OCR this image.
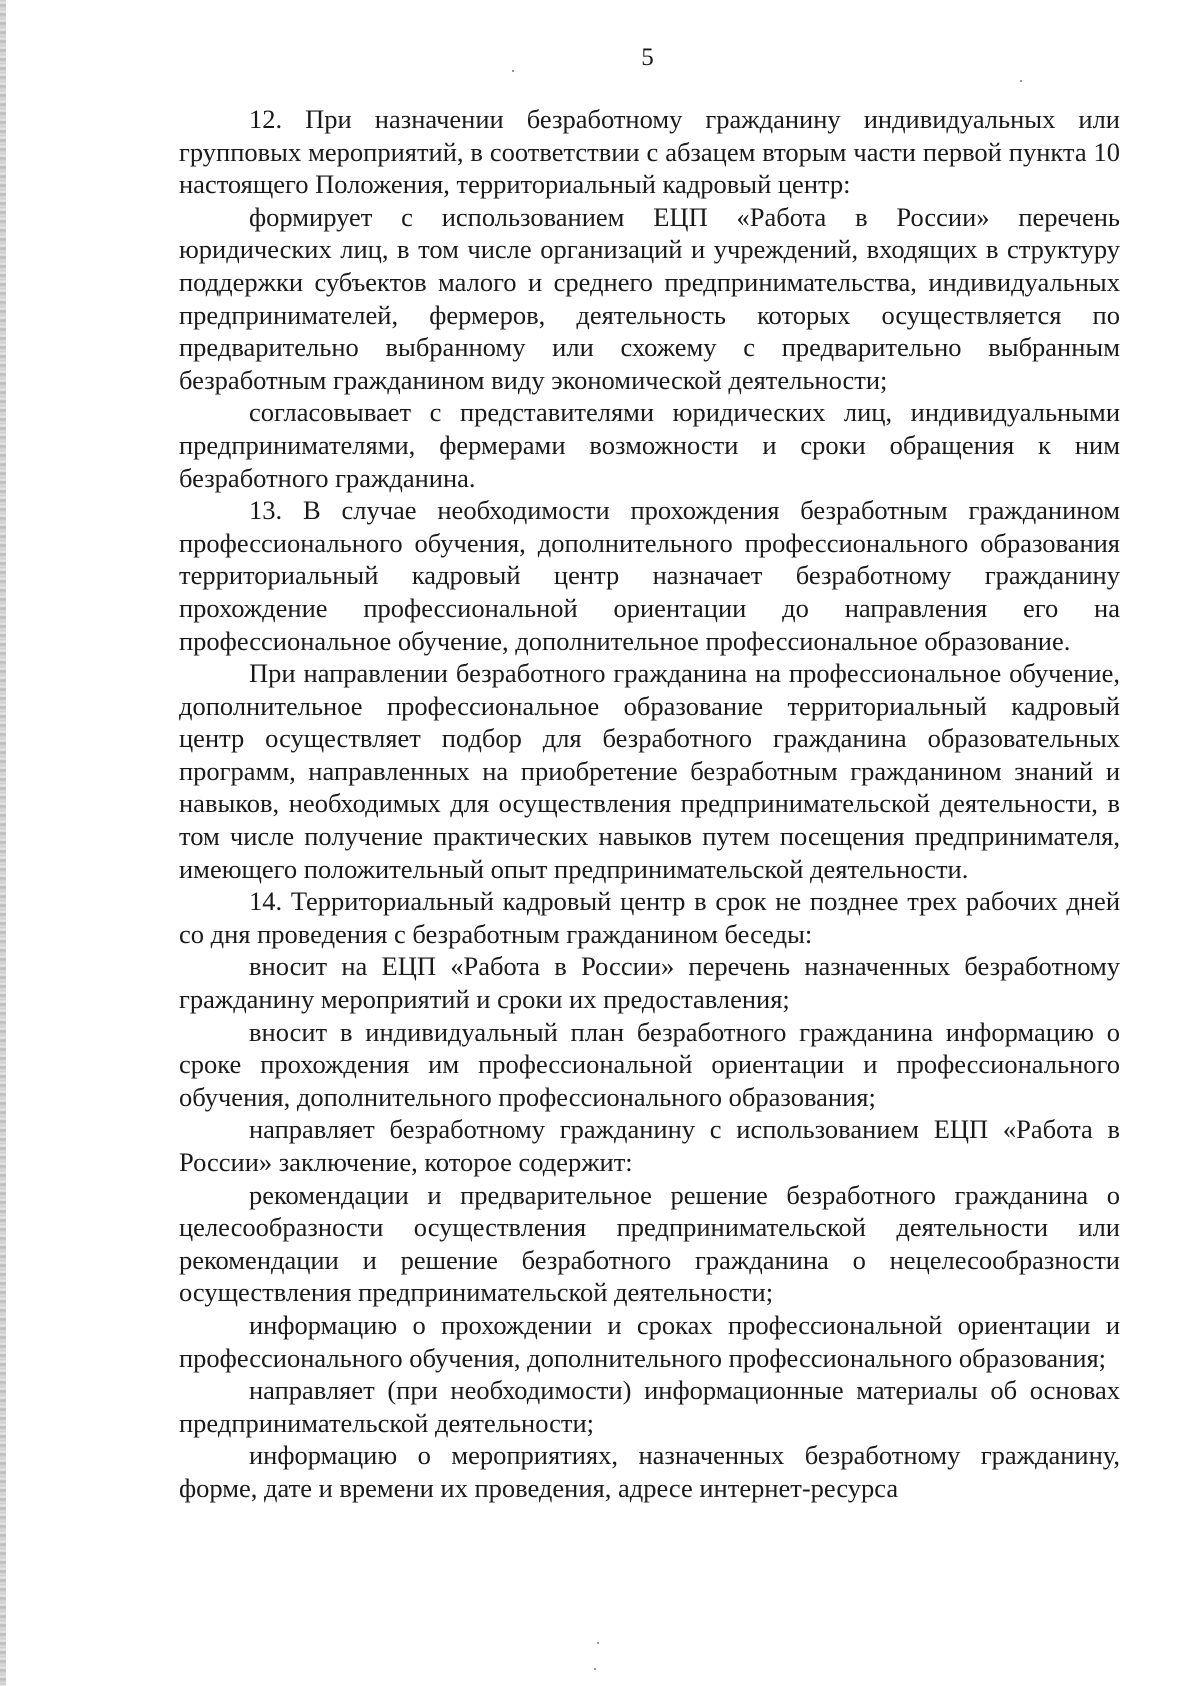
5

12. При назначении безработному гражданину индивидуальных или групповых мероприятий, в соответствии с абзацем вторым части первой пункта 10 настоящего Положения, территориальный кадровый центр:

формирует с использованием ЕЦП «Работа в России» перечень юридических лиц, в том числе организаций и учреждений, входящих в структуру поддержки субъектов малого и среднего предпринимательства, индивидуальных предпринимателей, фермеров, деятельность которых осуществляется по предварительно выбранному или схожему с предварительно выбранным безработным гражданином виду экономической деятельности;

согласовывает с представителями юридических лиц, индивидуальными предпринимателями, фермерами возможности и сроки обращения к ним безработного гражданина.

13. В случае необходимости прохождения безработным гражданином профессионального обучения, дополнительного профессионального образования территориальный кадровый центр назначает безработному гражданину прохождение профессиональной ориентации до направления его на профессиональное обучение, дополнительное профессиональное образование.

При направлении безработного гражданина на профессиональное обучение, дополнительное профессиональное образование территориальный кадровый центр осуществляет подбор для безработного гражданина образовательных программ, направленных на приобретение безработным гражданином знаний и навыков, необходимых для осуществления предпринимательской деятельности, в том числе получение практических навыков путем посещения предпринимателя, имеющего положительный опыт предпринимательской деятельности.

14. Территориальный кадровый центр в срок не позднее трех рабочих дней со дня проведения с безработным гражданином беседы:

вносит на ЕЦП «Работа в России» перечень назначенных безработному гражданину мероприятий и сроки их предоставления;

вносит в индивидуальный план безработного гражданина информацию о сроке прохождения им профессиональной ориентации и профессионального обучения, дополнительного профессионального образования;

направляет безработному гражданину с использованием ЕЦП «Работа в России» заключение, которое содержит:

рекомендации и предварительное решение безработного гражданина о целесообразности осуществления предпринимательской деятельности или рекомендации и решение безработного гражданина о нецелесообразности осуществления предпринимательской деятельности;

информацию о прохождении и сроках профессиональной ориентации и профессионального обучения, дополнительного профессионального образования;

направляет (при необходимости) информационные материалы об основах предпринимательской деятельности;

информацию о мероприятиях, назначенных безработному гражданину, форме, дате и времени их проведения, адресе интернет-ресурса
